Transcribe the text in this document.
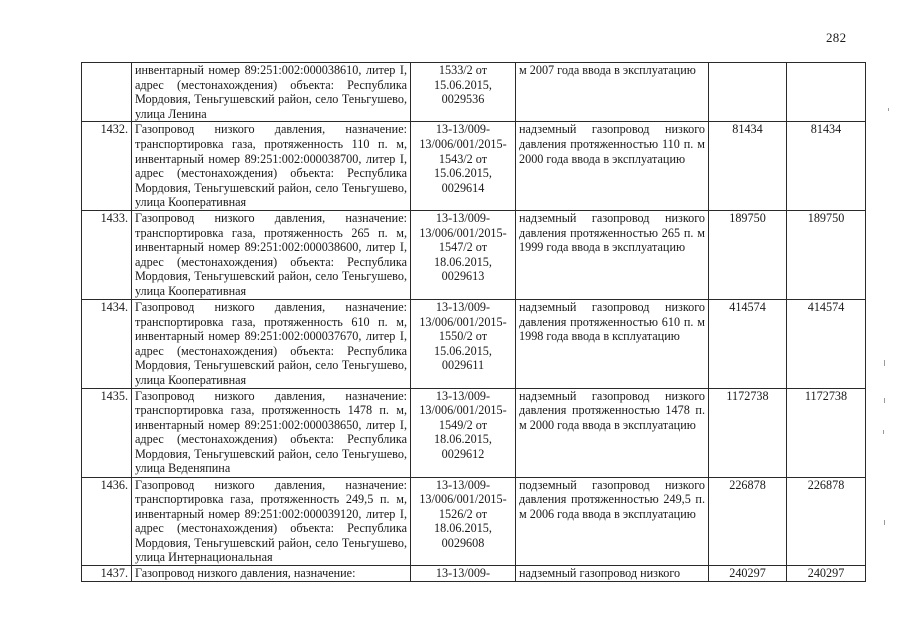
282

	инвентарный номер 89:251:002:000038610, литер I, адрес (местонахождения) объекта: Республика Мордовия, Теньгушевский район, село Теньгушево, улица Ленина	1533/2 от 15.06.2015, 0029536	м 2007 года ввода в эксплуатацию		

1432.	Газопровод низкого давления, назначение: транспортировка газа, протяженность 110 п. м, инвентарный номер 89:251:002:000038700, литер I, адрес (местонахождения) объекта: Республика Мордовия, Теньгушевский район, село Теньгушево, улица Кооперативная	13-13/009-13/006/001/2015-1543/2 от 15.06.2015, 0029614	надземный газопровод низкого давления протяженностью 110 п. м 2000 года ввода в эксплуатацию	81434	81434

1433.	Газопровод низкого давления, назначение: транспортировка газа, протяженность 265 п. м, инвентарный номер 89:251:002:000038600, литер I, адрес (местонахождения) объекта: Республика Мордовия, Теньгушевский район, село Теньгушево, улица Кооперативная	13-13/009-13/006/001/2015-1547/2 от 18.06.2015, 0029613	надземный газопровод низкого давления протяженностью 265 п. м 1999 года ввода в эксплуатацию	189750	189750

1434.	Газопровод низкого давления, назначение: транспортировка газа, протяженность 610 п. м, инвентарный номер 89:251:002:000037670, литер I, адрес (местонахождения) объекта: Республика Мордовия, Теньгушевский район, село Теньгушево, улица Кооперативная	13-13/009-13/006/001/2015-1550/2 от 15.06.2015, 0029611	надземный газопровод низкого давления протяженностью 610 п. м 1998 года ввода в ксплуатацию	414574	414574

1435.	Газопровод низкого давления, назначение: транспортировка газа, протяженность 1478 п. м, инвентарный номер 89:251:002:000038650, литер I, адрес (местонахождения) объекта: Республика Мордовия, Теньгушевский район, село Теньгушево, улица Веденяпина	13-13/009-13/006/001/2015-1549/2 от 18.06.2015, 0029612	надземный газопровод низкого давления протяженностью 1478 п. м 2000 года ввода в эксплуатацию	1172738	1172738

1436.	Газопровод низкого давления, назначение: транспортировка газа, протяженность 249,5 п. м, инвентарный номер 89:251:002:000039120, литер I, адрес (местонахождения) объекта: Республика Мордовия, Теньгушевский район, село Теньгушево, улица Интернациональная	13-13/009-13/006/001/2015-1526/2 от 18.06.2015, 0029608	подземный газопровод низкого давления протяженностью 249,5 п. м 2006 года ввода в эксплуатацию	226878	226878

1437.	Газопровод низкого давления, назначение:	13-13/009-	надземный газопровод низкого	240297	240297
